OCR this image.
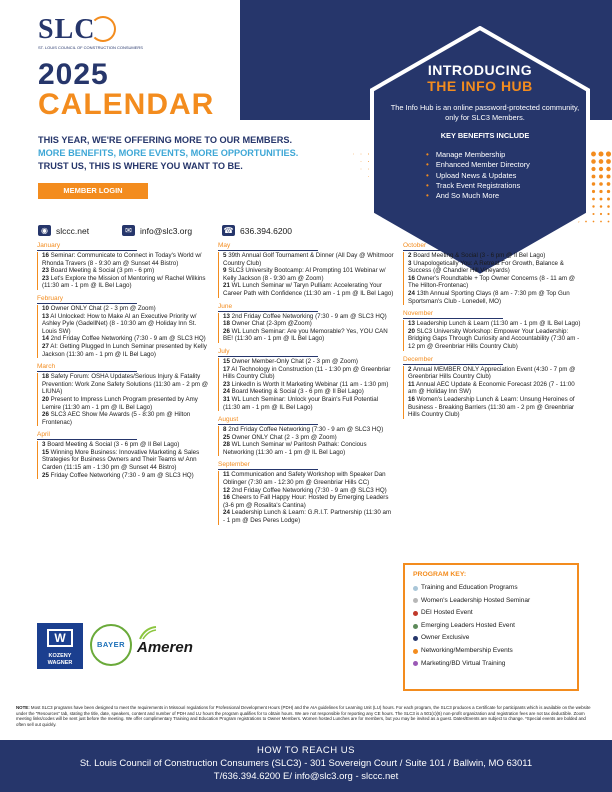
SLC
ST. LOUIS COUNCIL OF CONSTRUCTION CONSUMERS
INTRODUCING
THE INFO HUB
The Info Hub is an online password-protected community, only for SLC3 Members.
KEY BENEFITS INCLUDE
• Manage Membership
• Enhanced Member Directory
• Upload News & Updates
• Track Event Registrations
• And So Much More
2025
CALENDAR
THIS YEAR, WE'RE OFFERING MORE TO OUR MEMBERS.
MORE BENEFITS, MORE EVENTS, MORE OPPORTUNITIES.
TRUST US, THIS IS WHERE YOU WANT TO BE.
MEMBER LOGIN
◉ slccc.net	✉ info@slc3.org	☎ 636.394.6200
January
16 Seminar: Communicate to Connect in Today's World w/ Rhonda Travers (8 - 9:30 am @ Sunset 44 Bistro)
23 Board Meeting & Social (3 pm - 6 pm)
23 Let's Explore the Mission of Mentoring w/ Rachel Wilkins (11:30 am - 1 pm @ IL Bel Lago)
February
10 Owner ONLY Chat (2 - 3 pm @ Zoom)
13 AI Unlocked: How to Make AI an Executive Priority w/ Ashley Pyle (GadellNet) (8 - 10:30 am @ Holiday Inn St. Louis SW)
14 2nd Friday Coffee Networking (7:30 - 9 am @ SLC3 HQ)
27 AI: Getting Plugged In Lunch Seminar presented by Kelly Jackson (11:30 am - 1 pm @ IL Bel Lago)
March
18 Safety Forum: OSHA Updates/Serious Injury & Fatality Prevention: Work Zone Safety Solutions (11:30 am - 2 pm @ LIUNA)
20 Present to Impress Lunch Program presented by Amy Lemire (11:30 am - 1 pm @ IL Bel Lago)
26 SLC3 AEC Show Me Awards (5 - 8:30 pm @ Hilton Frontenac)
April
3 Board Meeting & Social (3 - 6 pm @ Il Bel Lago)
15 Winning More Business: Innovative Marketing & Sales Strategies for Business Owners and Their Teams w/ Ann Carden (11:15 am - 1:30 pm @ Sunset 44 Bistro)
25 Friday Coffee Networking (7:30 - 9 am @ SLC3 HQ)
May
5 39th Annual Golf Tournament & Dinner (All Day @ Whitmoor Country Club)
9 SLC3 University Bootcamp: AI Prompting 101 Webinar w/ Kelly Jackson (8 - 9:30 am @ Zoom)
21 WL Lunch Seminar w/ Taryn Pulliam: Accelerating Your Career Path with Confidence (11:30 am - 1 pm @ IL Bel Lago)
June
13 2nd Friday Coffee Networking (7:30 - 9 am @ SLC3 HQ)
18 Owner Chat (2-3pm @Zoom)
26 WL Lunch Seminar: Are you Memorable? Yes, YOU CAN BE! (11:30 am - 1 pm @ IL Bel Lago)
July
15 Owner Member-Only Chat (2 - 3 pm @ Zoom)
17 AI Technology in Construction (11 - 1:30 pm @ Greenbriar Hills Country Club)
23 LinkedIn is Worth It Marketing Webinar (11 am - 1:30 pm)
24 Board Meeting & Social (3 - 6 pm @ Il Bel Lago)
31 WL Lunch Seminar: Unlock your Brain's Full Potential (11:30 am - 1 pm @ IL Bel Lago)
August
8 2nd Friday Coffee Networking (7:30 - 9 am @ SLC3 HQ)
25 Owner ONLY Chat (2 - 3 pm @ Zoom)
28 WL Lunch Seminar w/ Paritosh Pathak: Concious Networking (11:30 am - 1 pm @ IL Bel Lago)
September
11 Communication and Safety Workshop with Speaker Dan Oblinger (7:30 am - 12:30 pm @ Greenbriar Hills CC)
12 2nd Friday Coffee Networking (7:30 - 9 am @ SLC3 HQ)
16 Cheers to Fall Happy Hour: Hosted by Emerging Leaders (3-6 pm @ Rosalita's Cantina)
24 Leadership Lunch & Learn: G.R.I.T. Partnership (11:30 am - 1 pm @ Des Peres Lodge)
October
2 Board Meeting & Social (3 - 6 pm @ Il Bel Lago)
3 Unapologetically You: A Retreat For Growth, Balance & Success (@ Chandler Hill Vineyards)
16 Owner's Roundtable + Top Owner Concerns (8 - 11 am @ The Hilton-Frontenac)
24 13th Annual Sporting Clays (8 am - 7:30 pm @ Top Gun Sportsman's Club - Lonedell, MO)
November
13 Leadership Lunch & Learn (11:30 am - 1 pm @ IL Bel Lago)
20 SLC3 University Workshop: Empower Your Leadership: Bridging Gaps Through Curiosity and Accountability (7:30 am - 12 pm @ Greenbriar Hills Country Club)
December
2 Annual MEMBER ONLY Appreciation Event (4:30 - 7 pm @ Greenbriar Hills Country Club)
11 Annual AEC Update & Economic Forecast 2026 (7 - 11:00 am @ Holiday Inn SW)
16 Women's Leadership Lunch & Learn: Unsung Heroines of Business - Breaking Barriers (11:30 am - 2 pm @ Greenbriar Hills Country Club)
W
KOZENY
WAGNER
BAYER Ameren
PROGRAM KEY:
Training and Education Programs
Women's Leadership Hosted Seminar
DEI Hosted Event
Emerging Leaders Hosted Event
Owner Exclusive
Networking/Membership Events
Marketing/BD Virtual Training
NOTE: Most SLC3 programs have been designed to meet the requirements in Missouri regulations for Professional Development Hours (PDH) and the AIA guidelines for Learning Unit (LU) hours. For each program, the SLC3 produces a Certificate for participants which is available on the website under the "Resources" tab, stating the title, date, speakers, content and number of PDH and LU hours the program qualifies for to obtain hours. We are not responsible for reporting any CE hours. The SLC3 is a 501(c)(6) non-profit organization and registration fees are not tax deductible. Zoom meeting links/codes will be sent just before the meeting. We offer complimentary Training and Education Program registrations to Owner Members. Women hosted Lunches are for members, but you may be invited as a guest. Dates/Events are subject to change. *Special events are bolded and often sell out quickly.
HOW TO REACH US
St. Louis Council of Construction Consumers (SLC3) - 301 Sovereign Court / Suite 101 / Ballwin, MO 63011
T/636.394.6200 E/ info@slc3.org - slccc.net
